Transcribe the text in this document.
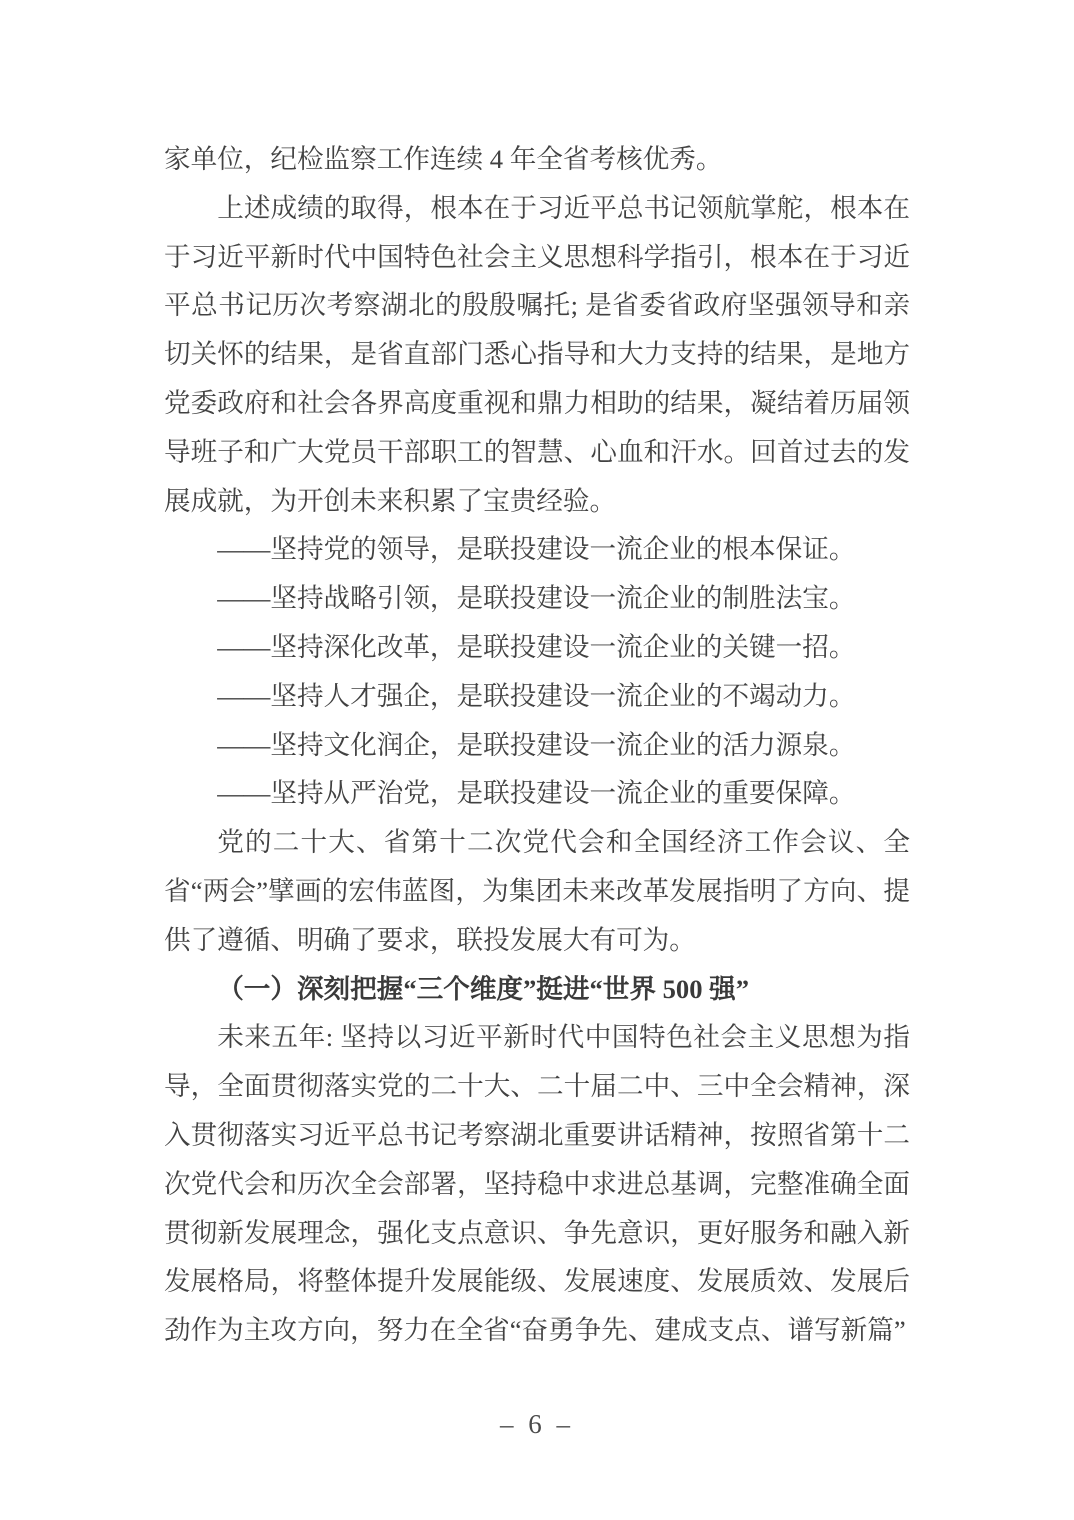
家单位，纪检监察工作连续 4 年全省考核优秀。

上述成绩的取得，根本在于习近平总书记领航掌舵，根本在于习近平新时代中国特色社会主义思想科学指引，根本在于习近平总书记历次考察湖北的殷殷嘱托; 是省委省政府坚强领导和亲切关怀的结果，是省直部门悉心指导和大力支持的结果，是地方党委政府和社会各界高度重视和鼎力相助的结果，凝结着历届领导班子和广大党员干部职工的智慧、心血和汗水。回首过去的发展成就，为开创未来积累了宝贵经验。

——坚持党的领导，是联投建设一流企业的根本保证。

——坚持战略引领，是联投建设一流企业的制胜法宝。

——坚持深化改革，是联投建设一流企业的关键一招。

——坚持人才强企，是联投建设一流企业的不竭动力。

——坚持文化润企，是联投建设一流企业的活力源泉。

——坚持从严治党，是联投建设一流企业的重要保障。

党的二十大、省第十二次党代会和全国经济工作会议、全省“两会”擘画的宏伟蓝图，为集团未来改革发展指明了方向、提供了遵循、明确了要求，联投发展大有可为。

（一）深刻把握“三个维度”挺进“世界 500 强”

未来五年: 坚持以习近平新时代中国特色社会主义思想为指导，全面贯彻落实党的二十大、二十届二中、三中全会精神，深入贯彻落实习近平总书记考察湖北重要讲话精神，按照省第十二次党代会和历次全会部署，坚持稳中求进总基调，完整准确全面贯彻新发展理念，强化支点意识、争先意识，更好服务和融入新发展格局，将整体提升发展能级、发展速度、发展质效、发展后劲作为主攻方向，努力在全省“奋勇争先、建成支点、谱写新篇”

– 6 –
